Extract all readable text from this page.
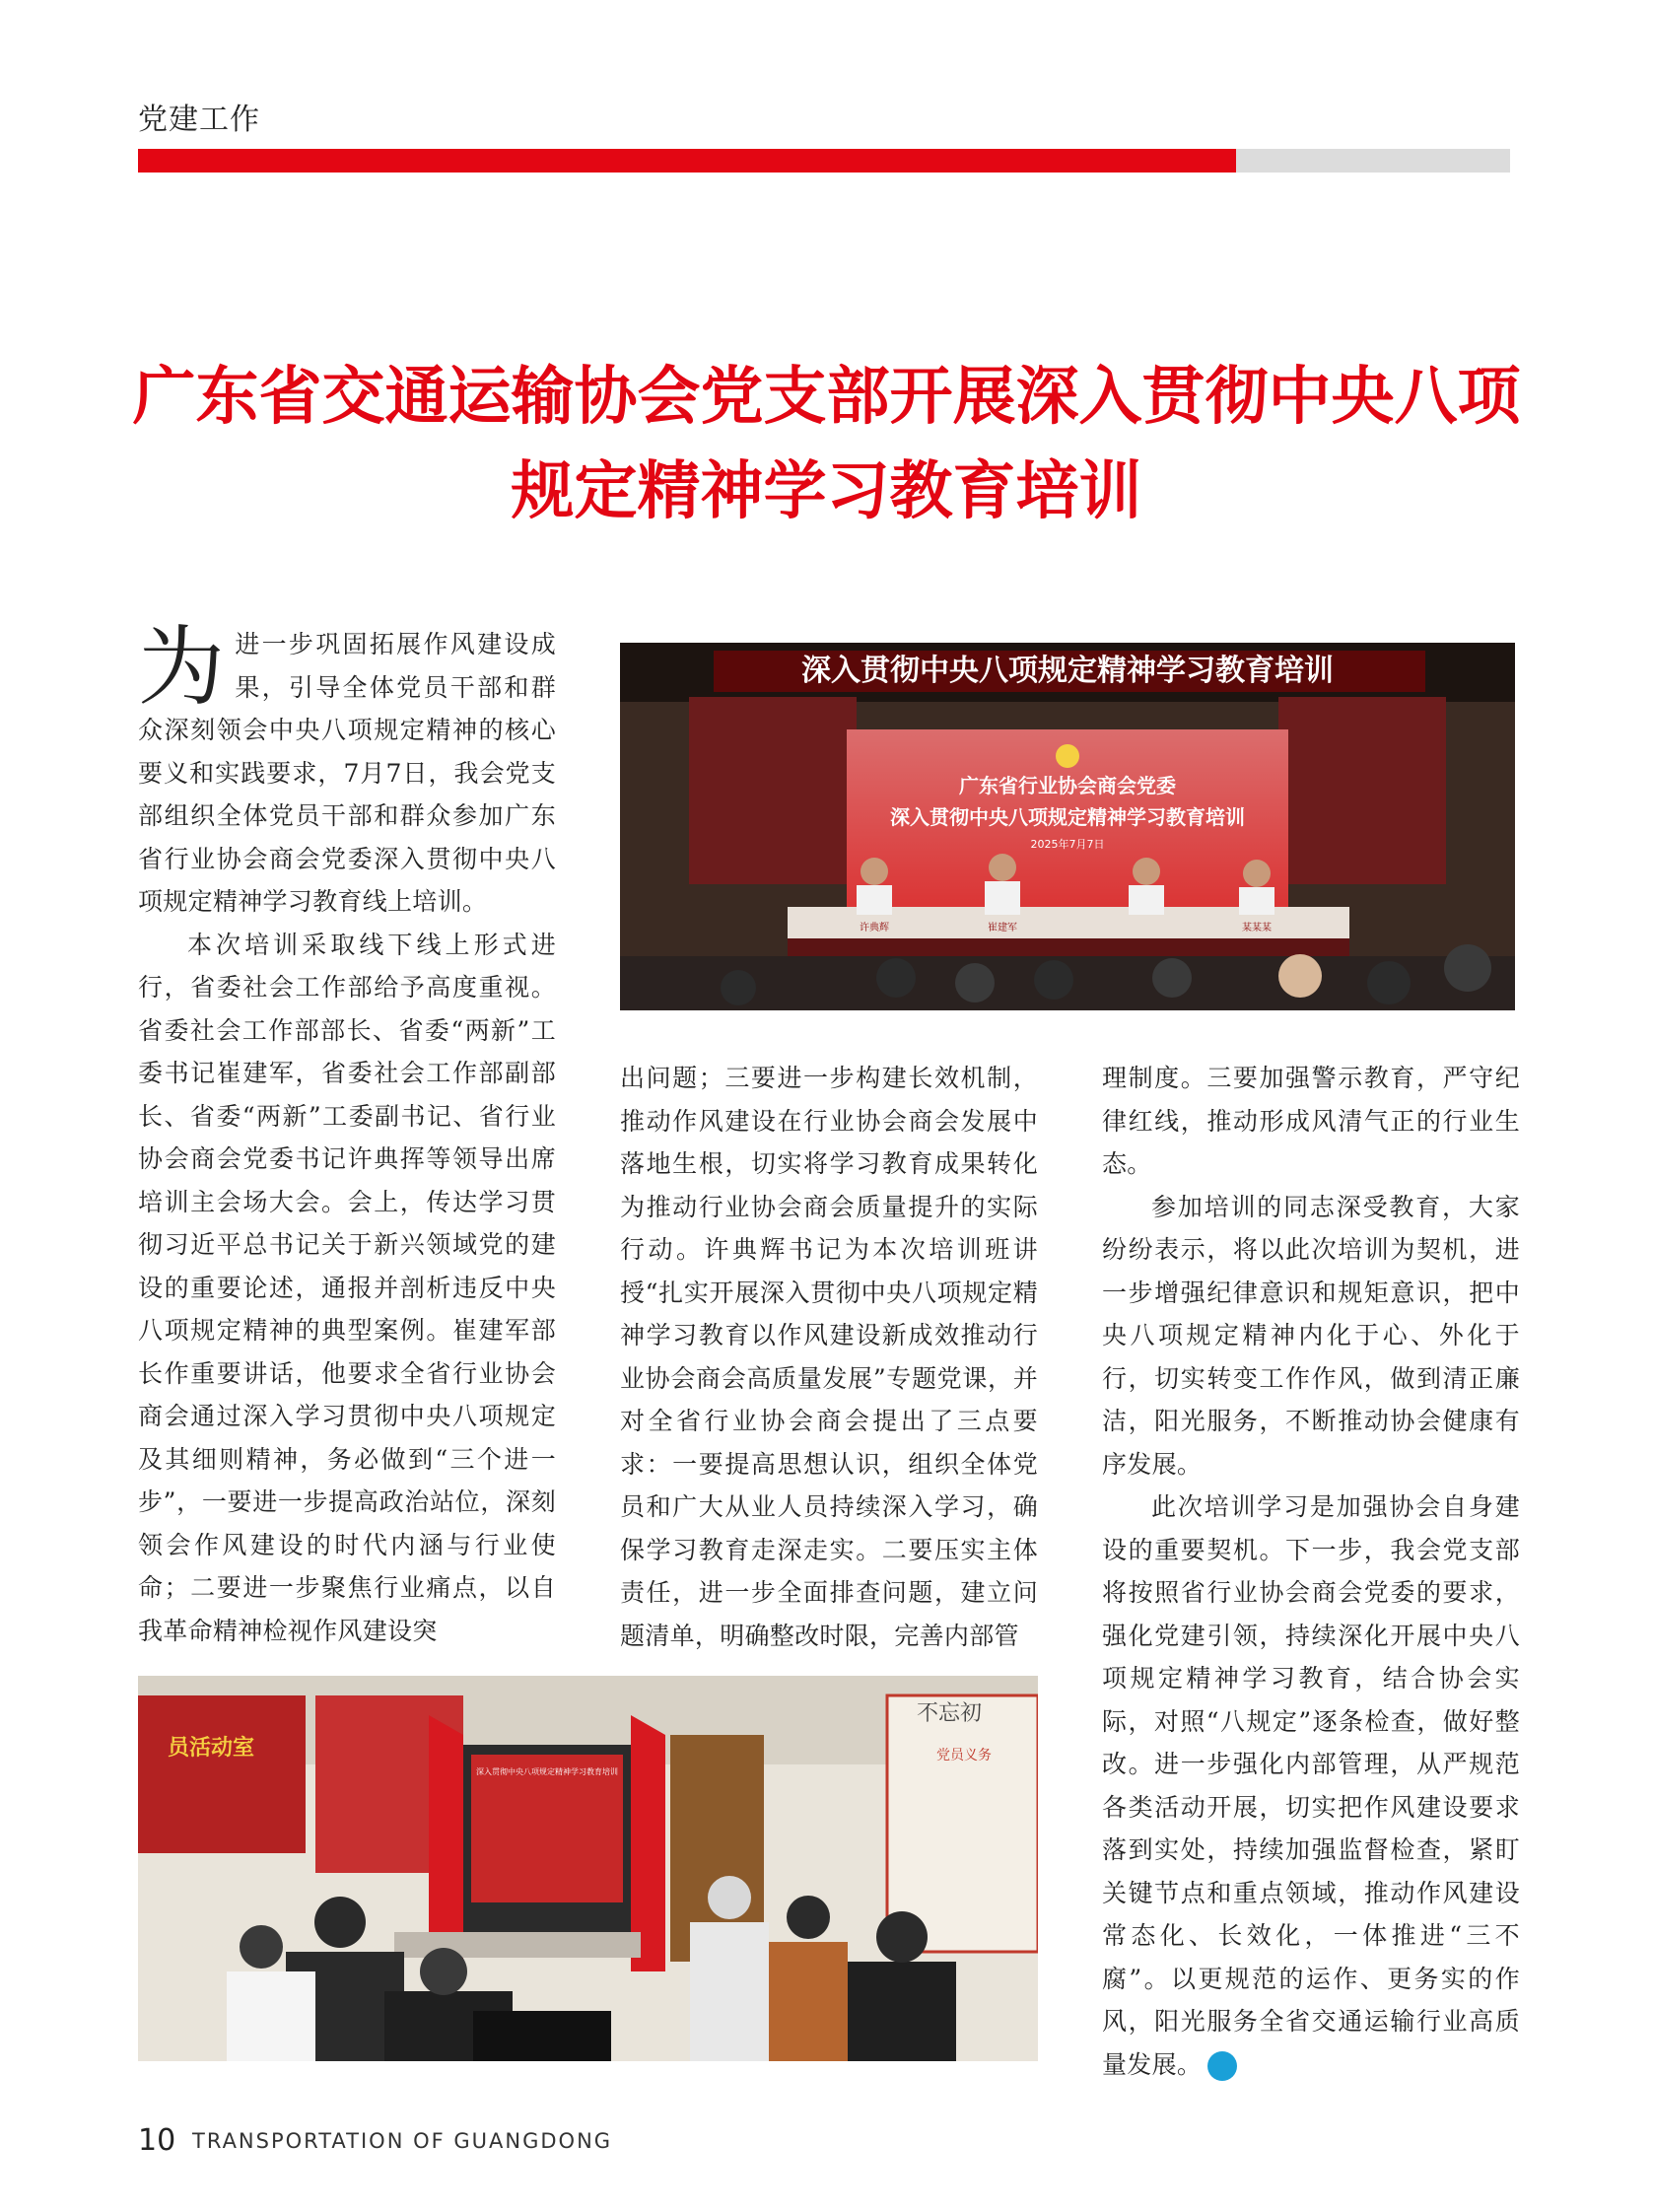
党建工作
广东省交通运输协会党支部开展深入贯彻中央八项
规定精神学习教育培训

为进一步巩固拓展作风建设成果，引导全体党员干部和群众深刻领会中央八项规定精神的核心要义和实践要求，7月7日，我会党支部组织全体党员干部和群众参加广东省行业协会商会党委深入贯彻中央八项规定精神学习教育线上培训。

本次培训采取线下线上形式进行，省委社会工作部给予高度重视。省委社会工作部部长、省委“两新”工委书记崔建军，省委社会工作部副部长、省委“两新”工委副书记、省行业协会商会党委书记许典挥等领导出席培训主会场大会。会上，传达学习贯彻习近平总书记关于新兴领域党的建设的重要论述，通报并剖析违反中央八项规定精神的典型案例。崔建军部长作重要讲话，他要求全省行业协会商会通过深入学习贯彻中央八项规定及其细则精神，务必做到“三个进一步”，一要进一步提高政治站位，深刻领会作风建设的时代内涵与行业使命；二要进一步聚焦行业痛点，以自我革命精神检视作风建设突

深入贯彻中央八项规定精神学习教育培训
广东省行业协会商会党委
深入贯彻中央八项规定精神学习教育培训
2025年7月7日
许典辉	崔建军	某某某

出问题；三要进一步构建长效机制，推动作风建设在行业协会商会发展中落地生根，切实将学习教育成果转化为推动行业协会商会质量提升的实际行动。许典辉书记为本次培训班讲授“扎实开展深入贯彻中央八项规定精神学习教育以作风建设新成效推动行业协会商会高质量发展”专题党课，并对全省行业协会商会提出了三点要求：一要提高思想认识，组织全体党员和广大从业人员持续深入学习，确保学习教育走深走实。二要压实主体责任，进一步全面排查问题，建立问题清单，明确整改时限，完善内部管

理制度。三要加强警示教育，严守纪律红线，推动形成风清气正的行业生态。

参加培训的同志深受教育，大家纷纷表示，将以此次培训为契机，进一步增强纪律意识和规矩意识，把中央八项规定精神内化于心、外化于行，切实转变工作作风，做到清正廉洁，阳光服务，不断推动协会健康有序发展。

此次培训学习是加强协会自身建设的重要契机。下一步，我会党支部将按照省行业协会商会党委的要求，强化党建引领，持续深化开展中央八项规定精神学习教育，结合协会实际，对照“八规定”逐条检查，做好整改。进一步强化内部管理，从严规范各类活动开展，切实把作风建设要求落到实处，持续加强监督检查，紧盯关键节点和重点领域，推动作风建设常态化、长效化，一体推进“三不腐”。以更规范的运作、更务实的作风，阳光服务全省交通运输行业高质量发展。	GTA

员活动室
深入贯彻中央八项规定精神学习教育培训
不忘初
党员义务
10 TRANSPORTATION OF GUANGDONG
